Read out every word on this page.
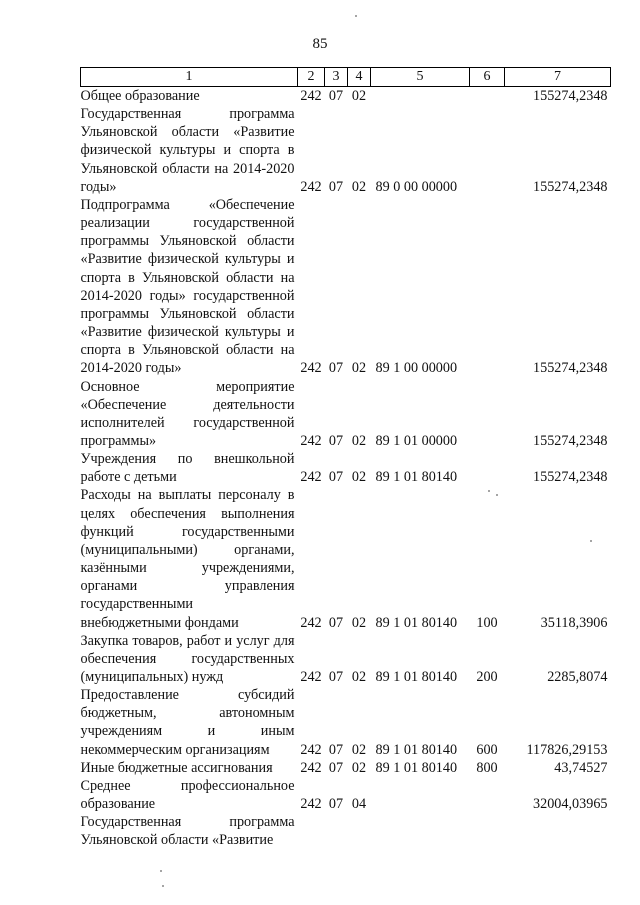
85
1	2	3	4	5	6	7
Общее образование	242	07	02			155274,2348
Государственная программа Ульяновской области «Развитие физической культуры и спорта в Ульяновской области на 2014-2020 годы»	242	07	02	89 0 00 00000		155274,2348
Подпрограмма «Обеспечение реализации государственной программы Ульяновской области «Развитие физической культуры и спорта в Ульяновской области на 2014-2020 годы» государственной программы Ульяновской области «Развитие физической культуры и спорта в Ульяновской области на 2014-2020 годы»	242	07	02	89 1 00 00000		155274,2348
Основное мероприятие «Обеспечение деятельности исполнителей государственной программы»	242	07	02	89 1 01 00000		155274,2348
Учреждения по внешкольной работе с детьми	242	07	02	89 1 01 80140		155274,2348
Расходы на выплаты персоналу в целях обеспечения выполнения функций государственными (муниципальными) органами, казёнными учреждениями, органами управления государственными внебюджетными фондами	242	07	02	89 1 01 80140	100	35118,3906
Закупка товаров, работ и услуг для обеспечения государственных (муниципальных) нужд	242	07	02	89 1 01 80140	200	2285,8074
Предоставление субсидий бюджетным, автономным учреждениям и иным некоммерческим организациям	242	07	02	89 1 01 80140	600	117826,29153
Иные бюджетные ассигнования	242	07	02	89 1 01 80140	800	43,74527
Среднее профессиональное образование	242	07	04			32004,03965
Государственная программа Ульяновской области «Развитие						
